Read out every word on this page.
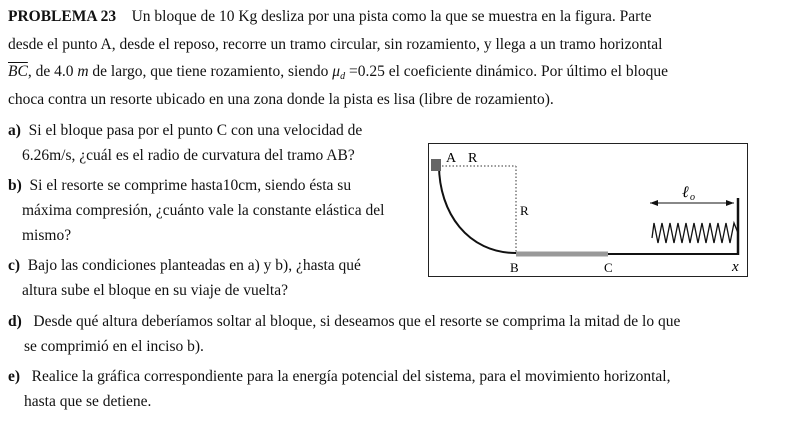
PROBLEMA 23 Un bloque de 10 Kg desliza por una pista como la que se muestra en la figura. Parte
desde el punto A, desde el reposo, recorre un tramo circular, sin rozamiento, y llega a un tramo horizontal
$\overline{BC}$, de 4.0 m de largo, que tiene rozamiento, siendo $\mu_d =0.25$ el coeficiente dinámico. Por último el bloque
choca contra un resorte ubicado en una zona donde la pista es lisa (libre de rozamiento).
a) Si el bloque pasa por el punto C con una velocidad de
6.26m/s, ¿cuál es el radio de curvatura del tramo AB?
b) Si el resorte se comprime hasta10cm, siendo ésta su
máxima compresión, ¿cuánto vale la constante elástica del
mismo?
c) Bajo las condiciones planteadas en a) y b), ¿hasta qué
altura sube el bloque en su viaje de vuelta?
d) Desde qué altura deberíamos soltar al bloque, si deseamos que el resorte se comprima la mitad de lo que
se comprimió en el inciso b).
e) Realice la gráfica correspondiente para la energía potencial del sistema, para el movimiento horizontal,
hasta que se detiene.
A R
R
B	C
ℓ o
x
